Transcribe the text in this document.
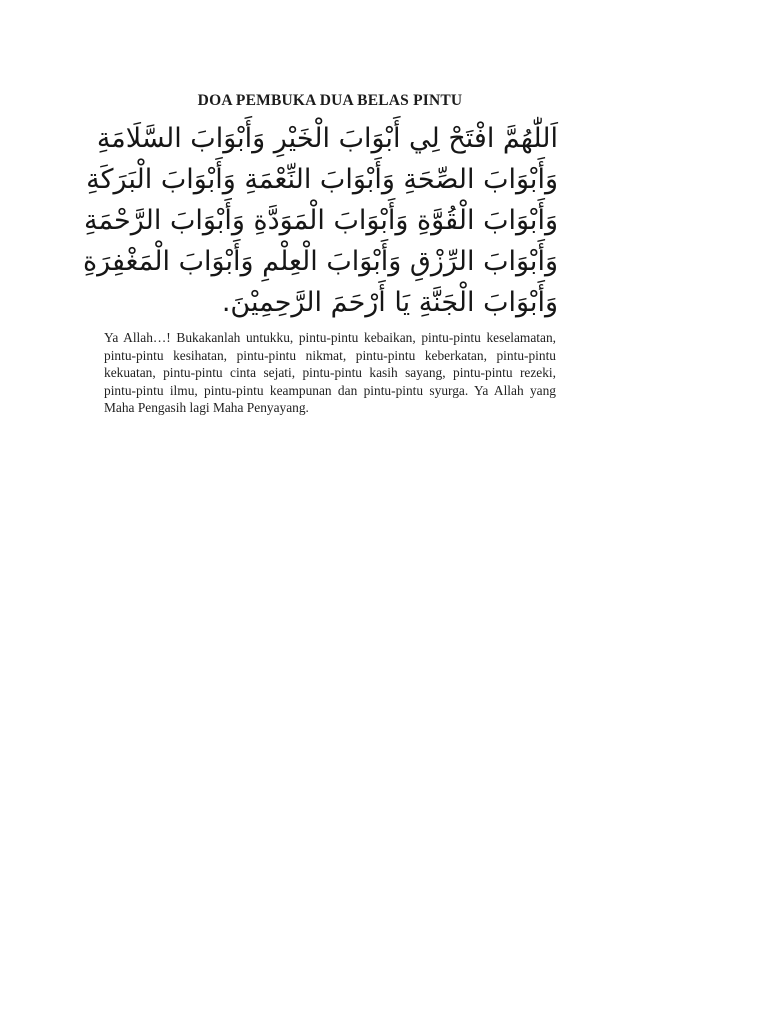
DOA PEMBUKA DUA BELAS PINTU
اَللّٰهُمَّ افْتَحْ لِي أَبْوَابَ الْخَيْرِ وَأَبْوَابَ السَّلَامَةِ
وَأَبْوَابَ الصِّحَةِ وَأَبْوَابَ النِّعْمَةِ وَأَبْوَابَ الْبَرَكَةِ
وَأَبْوَابَ الْقُوَّةِ وَأَبْوَابَ الْمَوَدَّةِ وَأَبْوَابَ الرَّحْمَةِ
وَأَبْوَابَ الرِّزْقِ وَأَبْوَابَ الْعِلْمِ وَأَبْوَابَ الْمَغْفِرَةِ
وَأَبْوَابَ الْجَنَّةِ يَا أَرْحَمَ الرَّحِمِيْنَ.
Ya Allah…! Bukakanlah untukku, pintu-pintu kebaikan, pintu-pintu keselamatan,
pintu-pintu kesihatan, pintu-pintu nikmat, pintu-pintu keberkatan, pintu-pintu
kekuatan, pintu-pintu cinta sejati, pintu-pintu kasih sayang, pintu-pintu rezeki,
pintu-pintu ilmu, pintu-pintu keampunan dan pintu-pintu syurga. Ya Allah yang
Maha Pengasih lagi Maha Penyayang.
